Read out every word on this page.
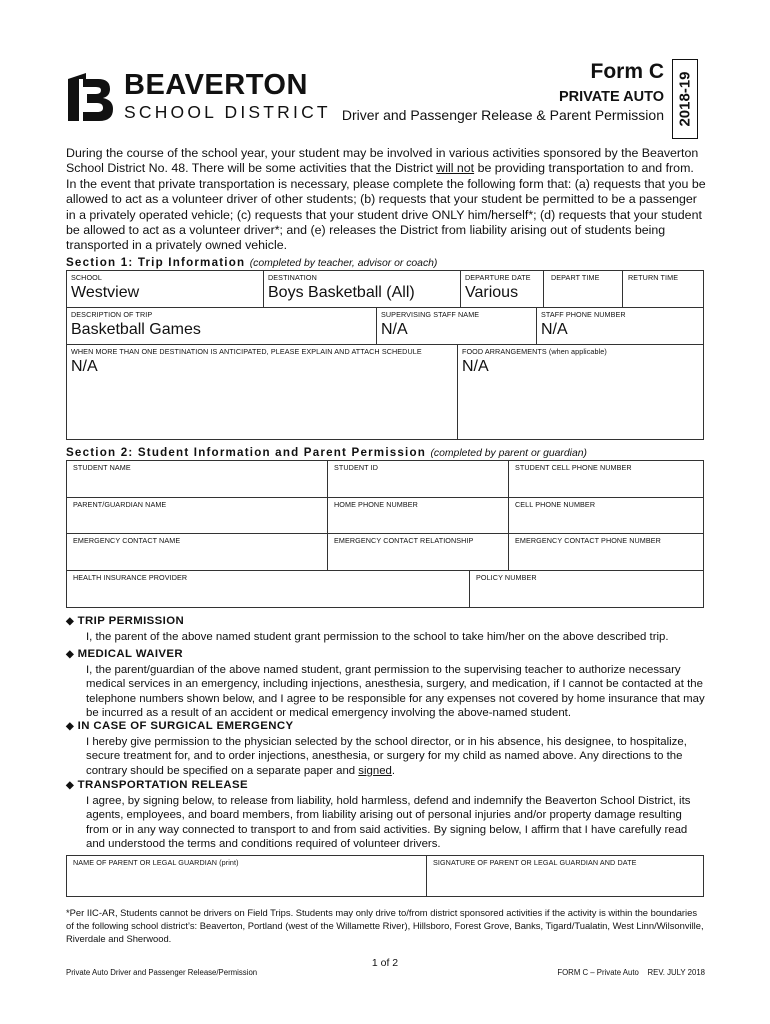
BEAVERTON
SCHOOL DISTRICT
Form C
PRIVATE AUTO
Driver and Passenger Release & Parent Permission 2018-19
During the course of the school year, your student may be involved in various activities sponsored by the Beaverton School District No. 48. There will be some activities that the District will not be providing transportation to and from. In the event that private transportation is necessary, please complete the following form that: (a) requests that you be allowed to act as a volunteer driver of other students; (b) requests that your student be permitted to be a passenger in a privately operated vehicle; (c) requests that your student drive ONLY him/herself*; (d) requests that your student be allowed to act as a volunteer driver*; and (e) releases the District from liability arising out of students being transported in a privately owned vehicle.
Section 1: Trip Information (completed by teacher, advisor or coach)
SCHOOL
Westview
DESTINATION
Boys Basketball (All)
DEPARTURE DATE
Various
DEPART TIME	RETURN TIME
DESCRIPTION OF TRIP
Basketball Games
SUPERVISING STAFF NAME
N/A
STAFF PHONE NUMBER
N/A
WHEN MORE THAN ONE DESTINATION IS ANTICIPATED, PLEASE EXPLAIN AND ATTACH SCHEDULE
N/A
FOOD ARRANGEMENTS (when applicable)
N/A
Section 2: Student Information and Parent Permission (completed by parent or guardian)
STUDENT NAME	STUDENT ID	STUDENT CELL PHONE NUMBER
PARENT/GUARDIAN NAME	HOME PHONE NUMBER	CELL PHONE NUMBER
EMERGENCY CONTACT NAME	EMERGENCY CONTACT RELATIONSHIP	EMERGENCY CONTACT PHONE NUMBER
HEALTH INSURANCE PROVIDER	POLICY NUMBER
◆ TRIP PERMISSION
I, the parent of the above named student grant permission to the school to take him/her on the above described trip.
◆ MEDICAL WAIVER
I, the parent/guardian of the above named student, grant permission to the supervising teacher to authorize necessary medical services in an emergency, including injections, anesthesia, surgery, and medication, if I cannot be contacted at the telephone numbers shown below, and I agree to be responsible for any expenses not covered by home insurance that may be incurred as a result of an accident or medical emergency involving the above-named student.
◆ IN CASE OF SURGICAL EMERGENCY
I hereby give permission to the physician selected by the school director, or in his absence, his designee, to hospitalize, secure treatment for, and to order injections, anesthesia, or surgery for my child as named above. Any directions to the contrary should be specified on a separate paper and signed.
◆ TRANSPORTATION RELEASE
I agree, by signing below, to release from liability, hold harmless, defend and indemnify the Beaverton School District, its agents, employees, and board members, from liability arising out of personal injuries and/or property damage resulting from or in any way connected to transport to and from said activities. By signing below, I affirm that I have carefully read and understood the terms and conditions required of volunteer drivers.
NAME OF PARENT OR LEGAL GUARDIAN (print)	SIGNATURE OF PARENT OR LEGAL GUARDIAN AND DATE
*Per IIC-AR, Students cannot be drivers on Field Trips. Students may only drive to/from district sponsored activities if the activity is within the boundaries of the following school district’s: Beaverton, Portland (west of the Willamette River), Hillsboro, Forest Grove, Banks, Tigard/Tualatin, West Linn/Wilsonville, Riverdale and Sherwood.
1 of 2
Private Auto Driver and Passenger Release/Permission	FORM C – Private Auto    REV. JULY 2018
